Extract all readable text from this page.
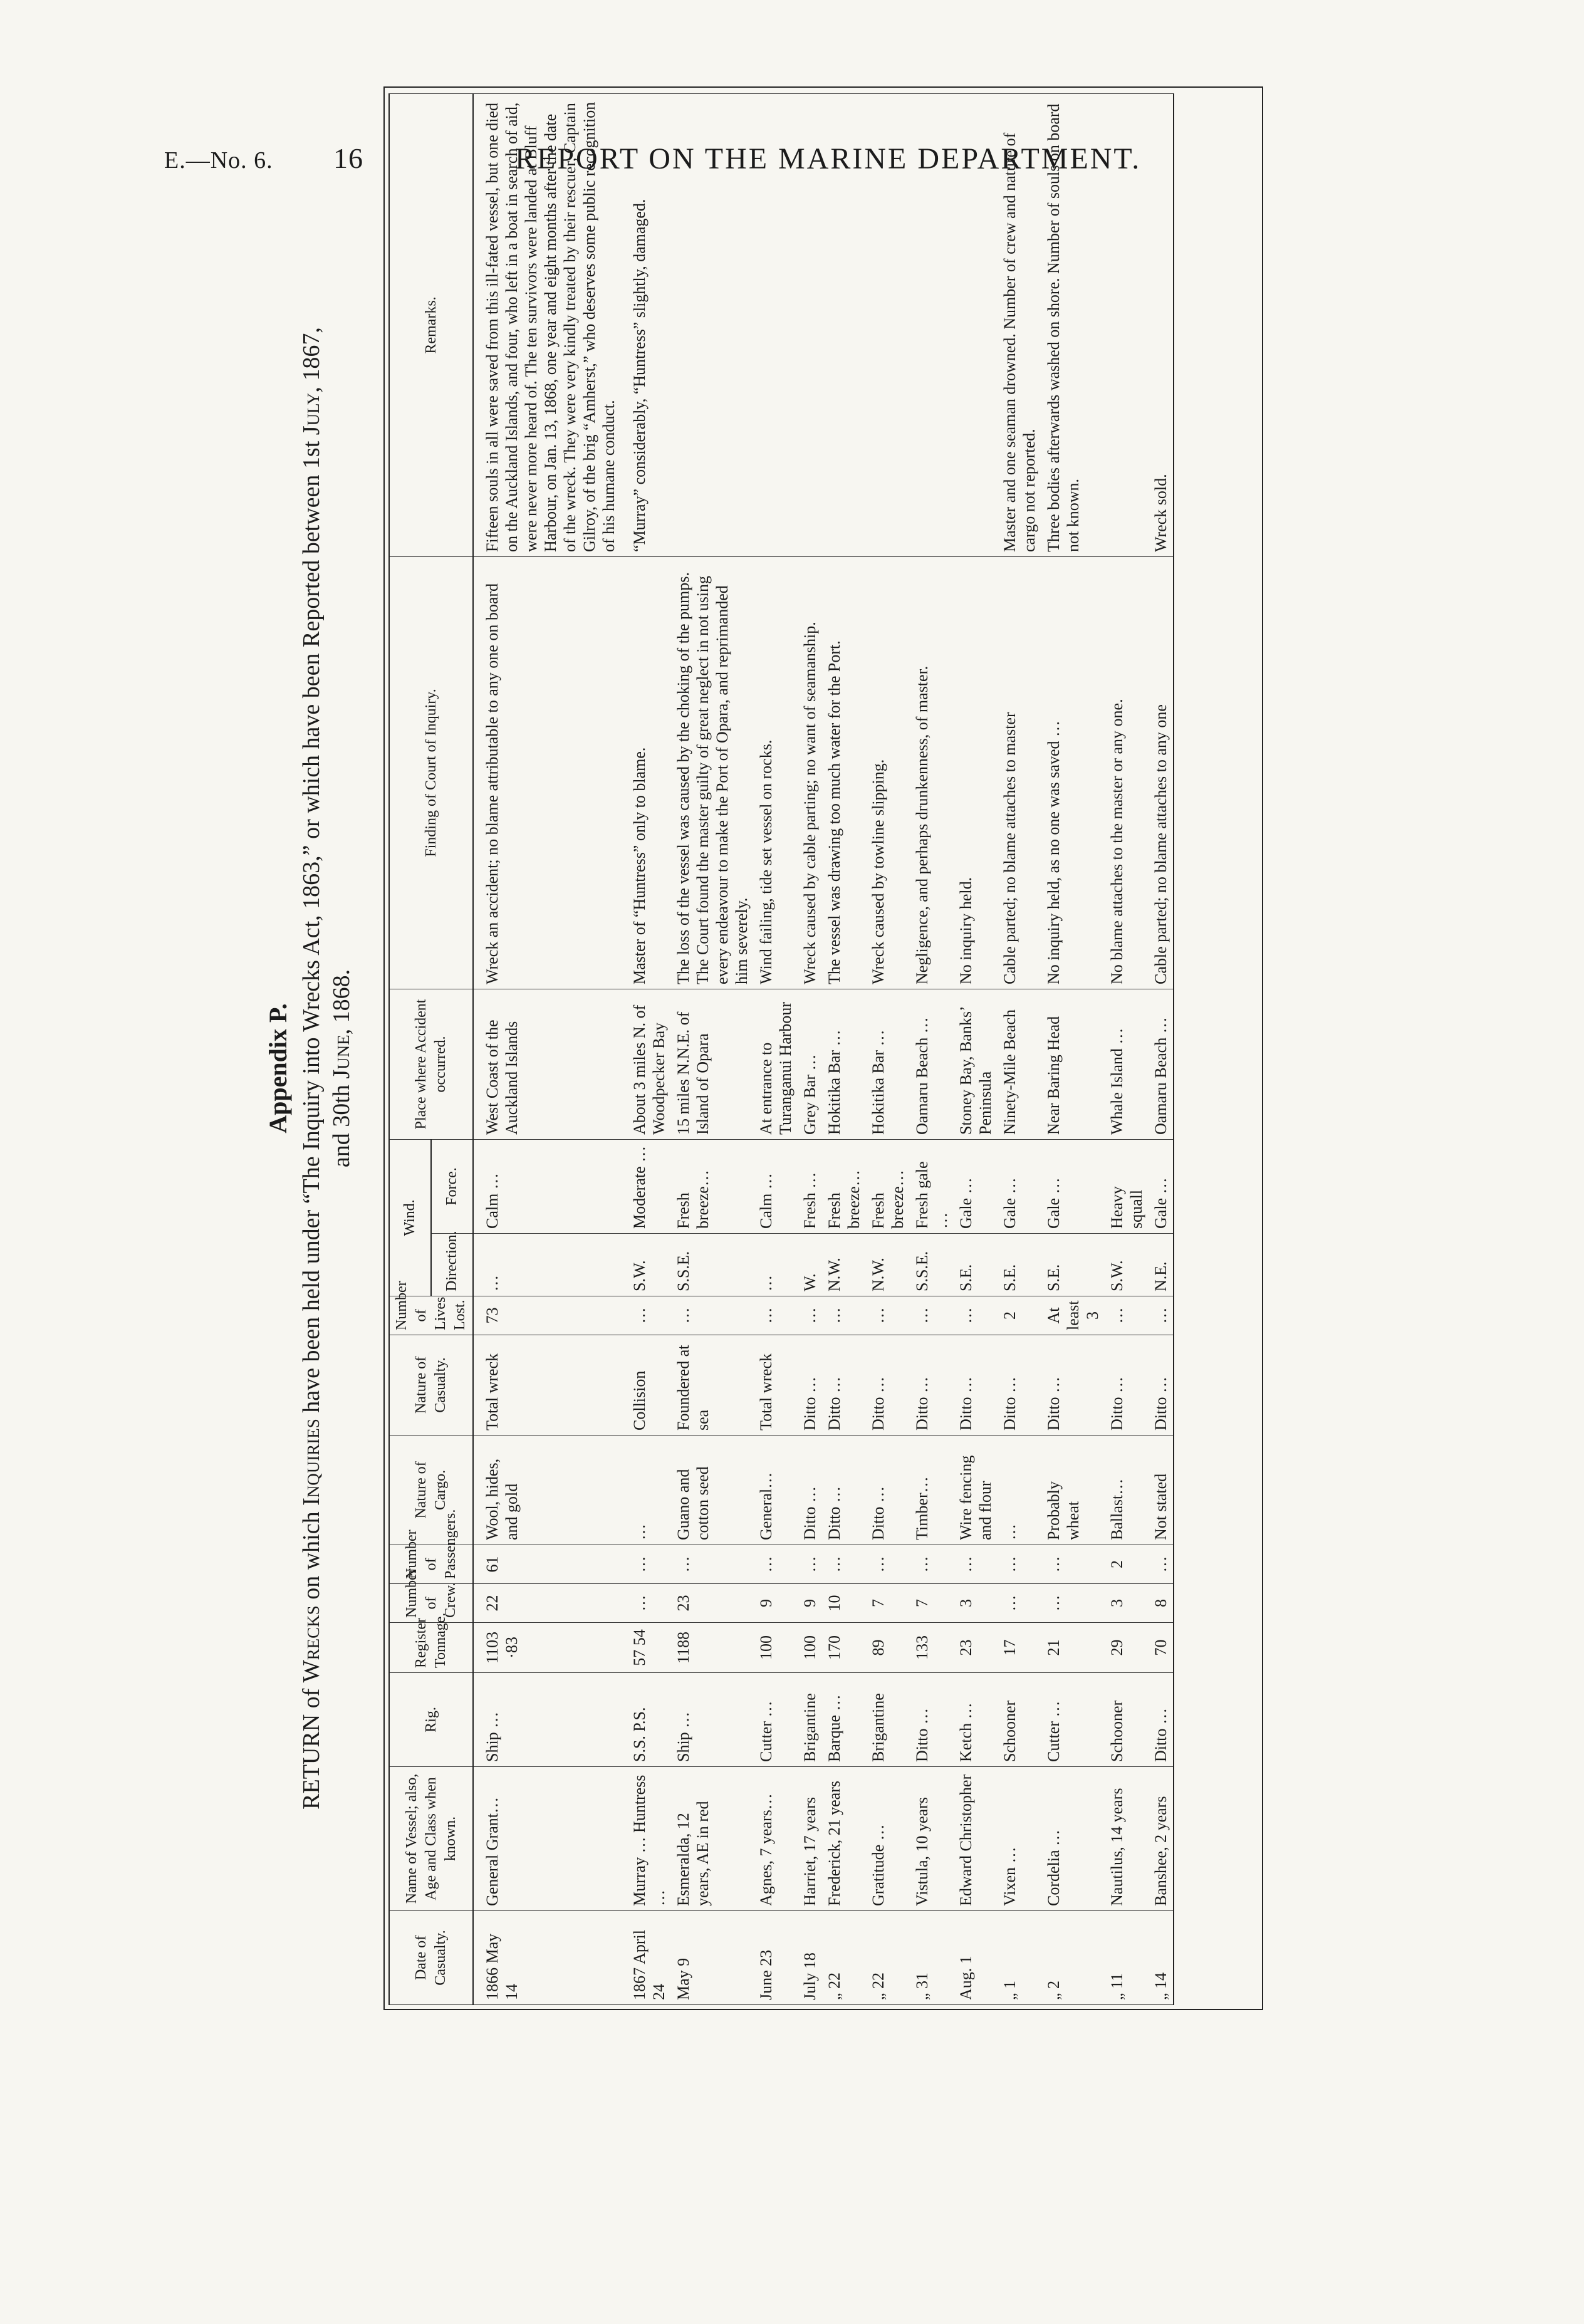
E.—No. 6. 16	REPORT ON THE MARINE DEPARTMENT.
Appendix P.
RETURN of Wrecks on which Inquiries have been held under “The Inquiry into Wrecks Act, 1863,” or which have been Reported between 1st July, 1867,
and 30th June, 1868.
Date of Casualty.	Name of Vessel; also, Age and Class when known.	Rig.	Register Tonnage.	Number of Crew.	Number of Passengers.	Nature of Cargo.	Nature of Casualty.	Number of Lives Lost.	Wind.		Place where Accident occurred.	Finding of Court of Inquiry.	Remarks.
									Direction.	Force.			
1866 May 14	General Grant…	Ship …	1103 ·83	22	61	Wool, hides, and gold	Total wreck	73	…	Calm …	West Coast of the Auckland Islands	Wreck an accident; no blame attributable to any one on board	Fifteen souls in all were saved from this ill-fated vessel, but one died on the Auckland Islands, and four, who left in a boat in search of aid, were never more heard of. The ten survivors were landed at Bluff Harbour, on Jan. 13, 1868, one year and eight months after the date of the wreck. They were very kindly treated by their rescuer, Captain Gilroy, of the brig “Amherst,” who deserves some public recognition of his humane conduct.
1867 April 24	Murray … Huntress …	S.S. P.S.	57 54	…	…	…	Collision	…	S.W.	Moderate …	About 3 miles N. of Woodpecker Bay	Master of “Huntress” only to blame.	“Murray” considerably, “Huntress” slightly, damaged.
May 9	Esmeralda, 12 years, AE in red	Ship …	1188	23	…	Guano and cotton seed	Foundered at sea	…	S.S.E.	Fresh breeze…	15 miles N.N.E. of Island of Opara	The loss of the vessel was caused by the choking of the pumps. The Court found the master guilty of great neglect in not using every endeavour to make the Port of Opara, and reprimanded him severely.	
June 23	Agnes, 7 years…	Cutter …	100	9	…	General…	Total wreck	…	…	Calm …	At entrance to Turanganui Harbour	Wind failing, tide set vessel on rocks.	
July 18	Harriet, 17 years	Brigantine	100	9	…	Ditto …	Ditto …	…	W.	Fresh …	Grey Bar …	Wreck caused by cable parting; no want of seamanship.	
„ 22	Frederick, 21 years	Barque …	170	10	…	Ditto …	Ditto …	…	N.W.	Fresh breeze…	Hokitika Bar …	The vessel was drawing too much water for the Port.	
„ 22	Gratitude …	Brigantine	89	7	…	Ditto …	Ditto …	…	N.W.	Fresh breeze…	Hokitika Bar …	Wreck caused by towline slipping.	
„ 31	Vistula, 10 years	Ditto …	133	7	…	Timber…	Ditto …	…	S.S.E.	Fresh gale …	Oamaru Beach …	Negligence, and perhaps drunkenness, of master.	
Aug. 1	Edward Christopher	Ketch …	23	3	…	Wire fencing and flour	Ditto …	…	S.E.	Gale …	Stoney Bay, Banks’ Peninsula	No inquiry held.	
„ 1	Vixen …	Schooner	17	…	…	…	Ditto …	2	S.E.	Gale …	Ninety-Mile Beach	Cable parted; no blame attaches to master	Master and one seaman drowned. Number of crew and nature of cargo not reported.
„ 2	Cordelia …	Cutter …	21	…	…	Probably wheat	Ditto …	At least 3	S.E.	Gale …	Near Baring Head	No inquiry held, as no one was saved …	Three bodies afterwards washed on shore. Number of souls on board not known.
„ 11	Nautilus, 14 years	Schooner	29	3	2	Ballast…	Ditto …	…	S.W.	Heavy squall	Whale Island …	No blame attaches to the master or any one.	
„ 14	Banshee, 2 years	Ditto …	70	8	…	Not stated	Ditto …	…	N.E.	Gale …	Oamaru Beach …	Cable parted; no blame attaches to any one	Wreck sold.
